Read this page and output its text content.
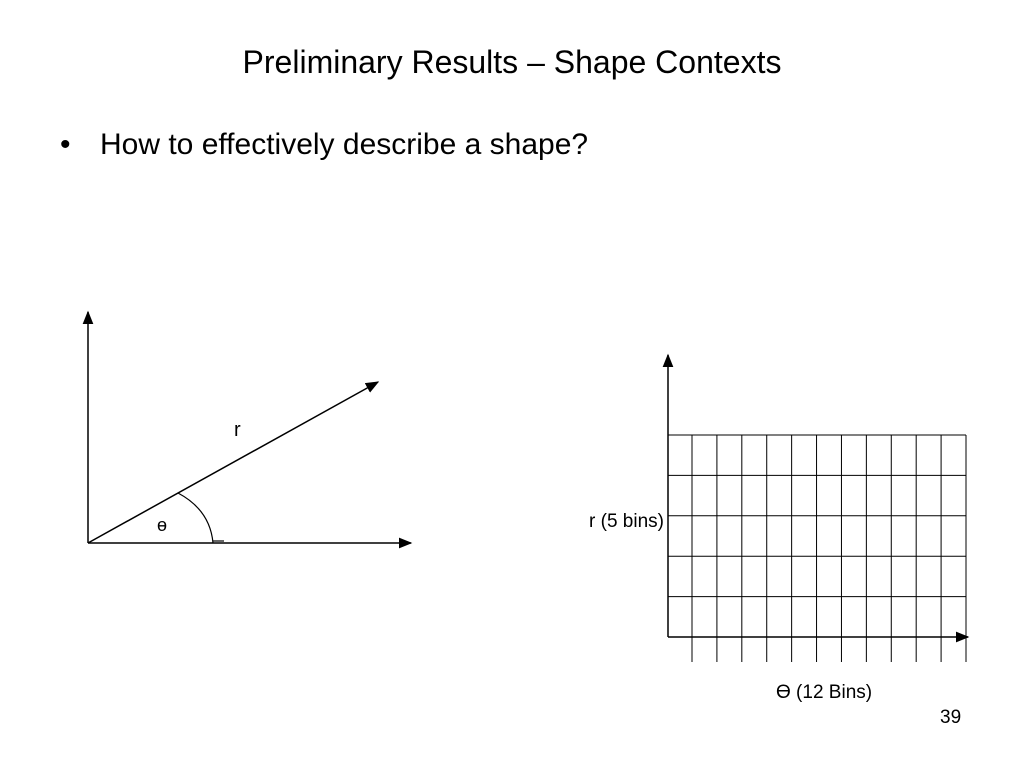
Preliminary Results – Shape Contexts
• How to effectively describe a shape?
r
ɵ	r (5 bins)
ϴ (12 Bins)
39
